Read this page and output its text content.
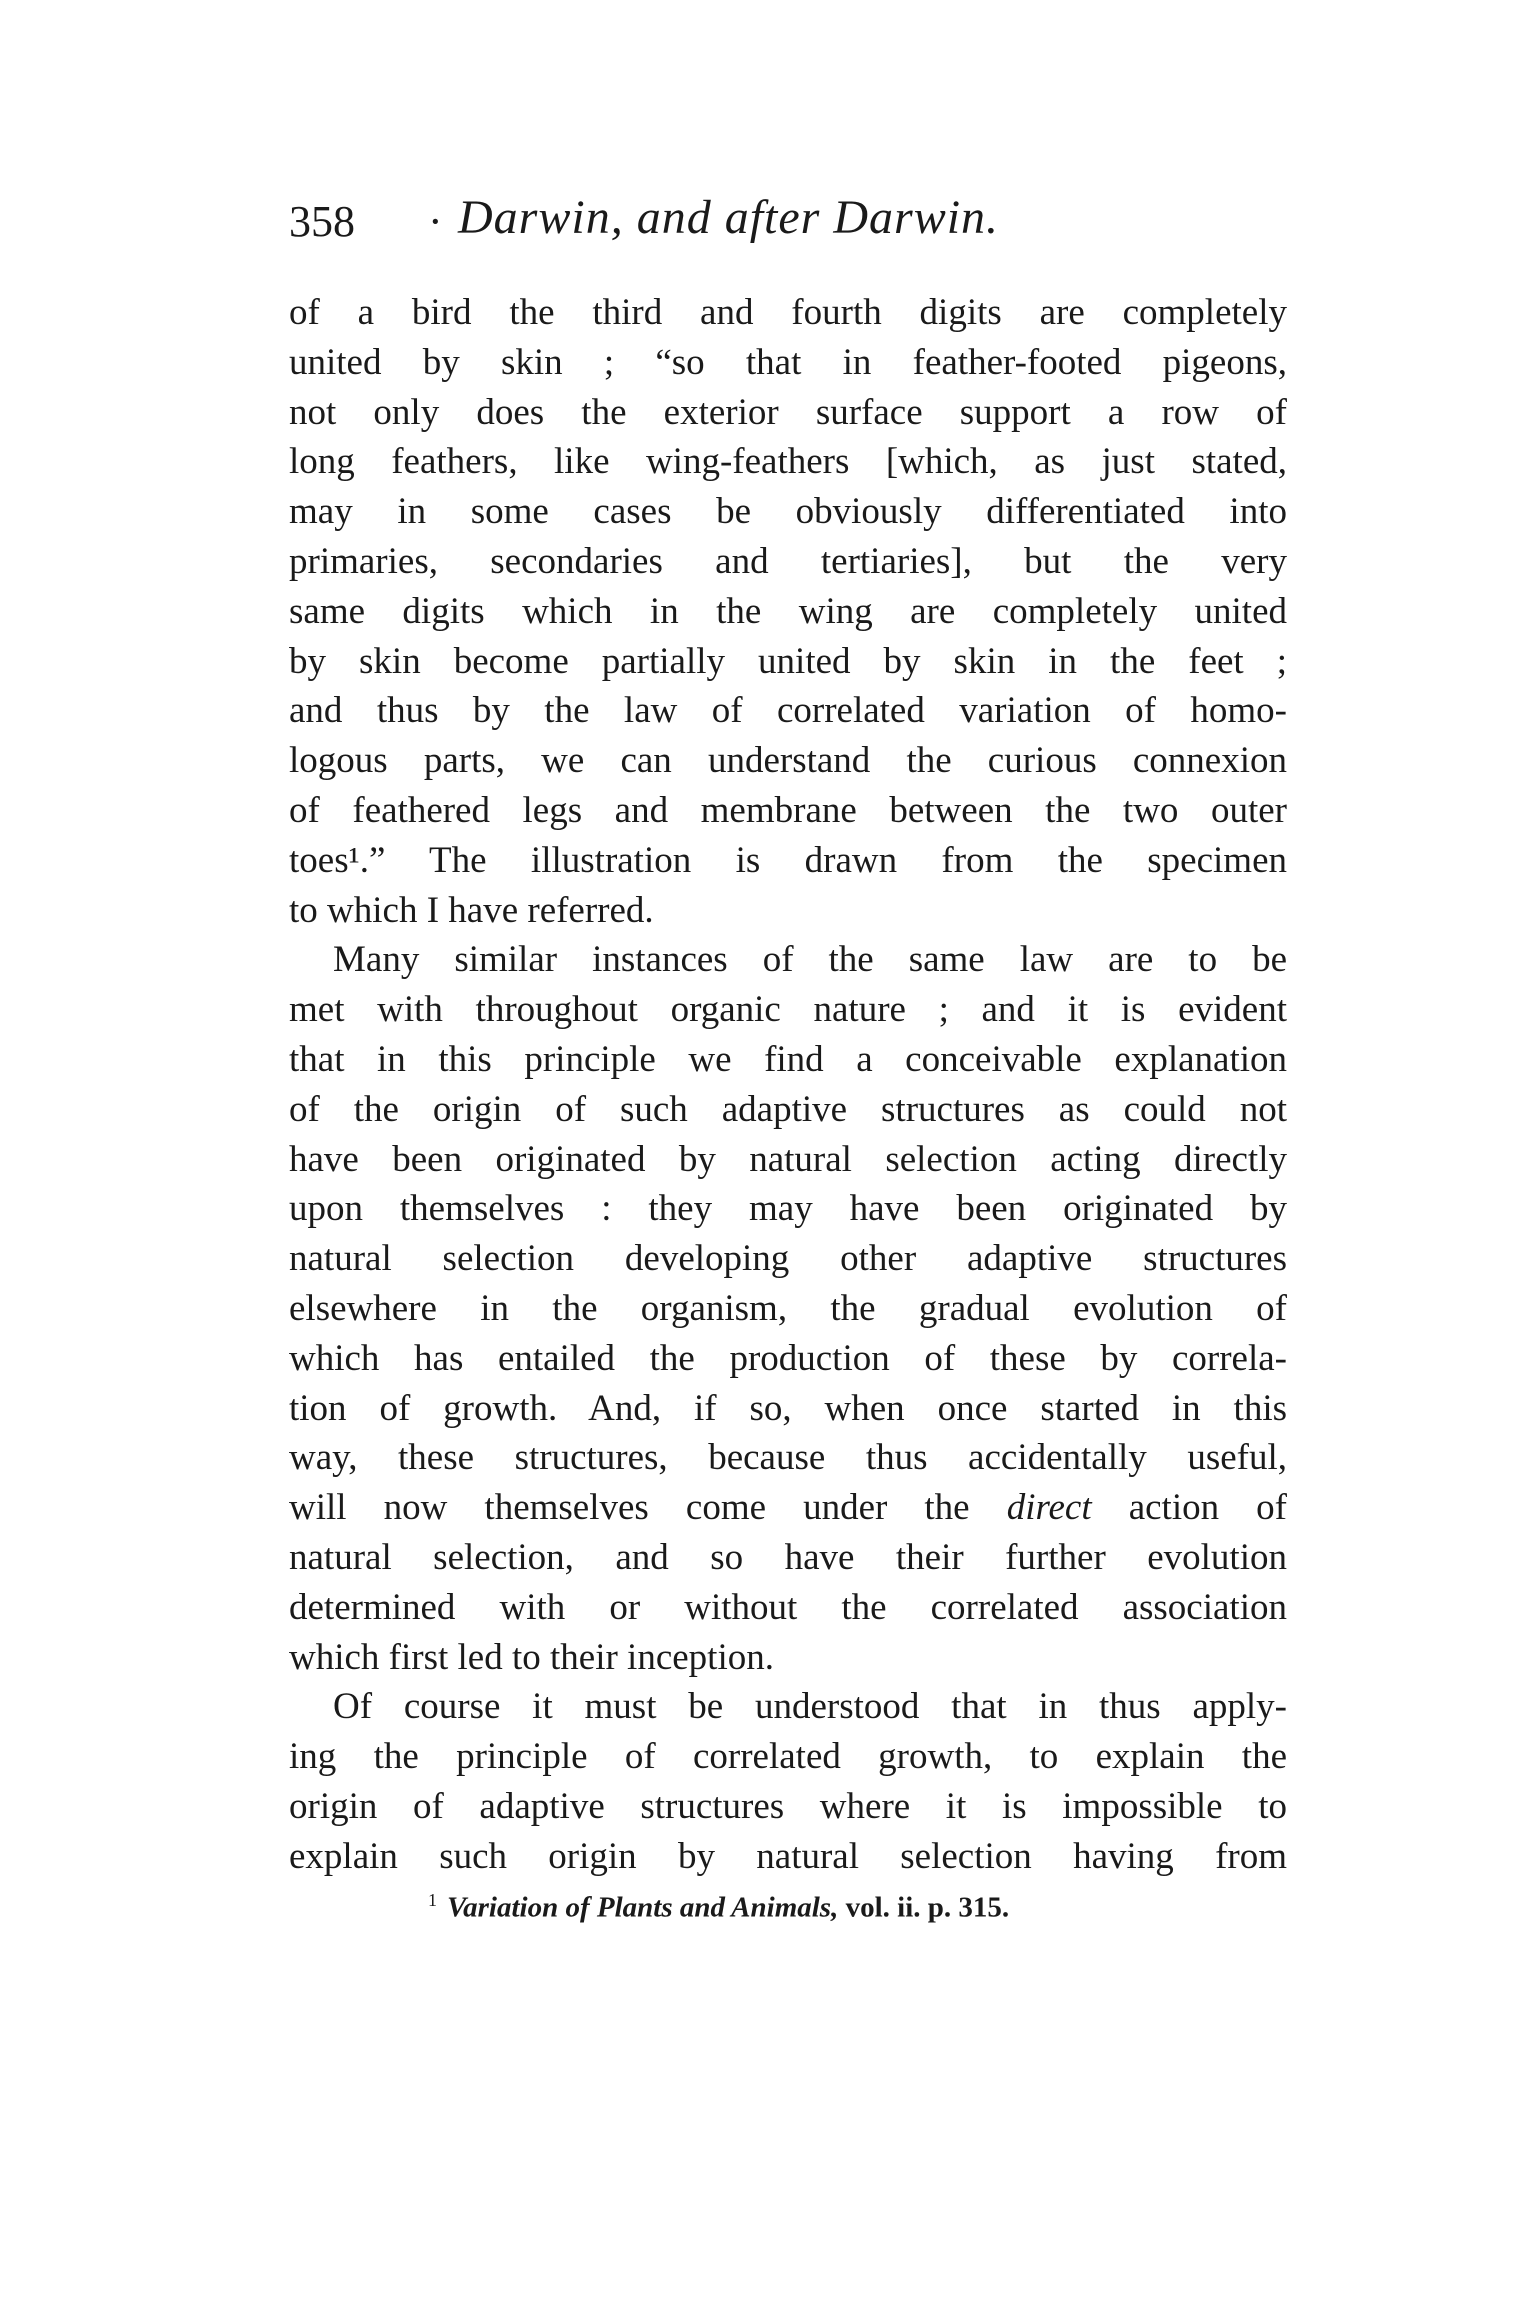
358 · Darwin, and after Darwin.
of a bird the third and fourth digits are completely
united by skin ; “so that in feather-footed pigeons,
not only does the exterior surface support a row of
long feathers, like wing-feathers [which, as just stated,
may in some cases be obviously differentiated into
primaries, secondaries and tertiaries], but the very
same digits which in the wing are completely united
by skin become partially united by skin in the feet ;
and thus by the law of correlated variation of homo-
logous parts, we can understand the curious connexion
of feathered legs and membrane between the two outer
toes¹.” The illustration is drawn from the specimen
to which I have referred.
Many similar instances of the same law are to be
met with throughout organic nature ; and it is evident
that in this principle we find a conceivable explanation
of the origin of such adaptive structures as could not
have been originated by natural selection acting directly
upon themselves : they may have been originated by
natural selection developing other adaptive structures
elsewhere in the organism, the gradual evolution of
which has entailed the production of these by correla-
tion of growth. And, if so, when once started in this
way, these structures, because thus accidentally useful,
will now themselves come under the direct action of
natural selection, and so have their further evolution
determined with or without the correlated association
which first led to their inception.
Of course it must be understood that in thus apply-
ing the principle of correlated growth, to explain the
origin of adaptive structures where it is impossible to
explain such origin by natural selection having from
$^1$ Variation of Plants and Animals, vol. ii. p. 315.
